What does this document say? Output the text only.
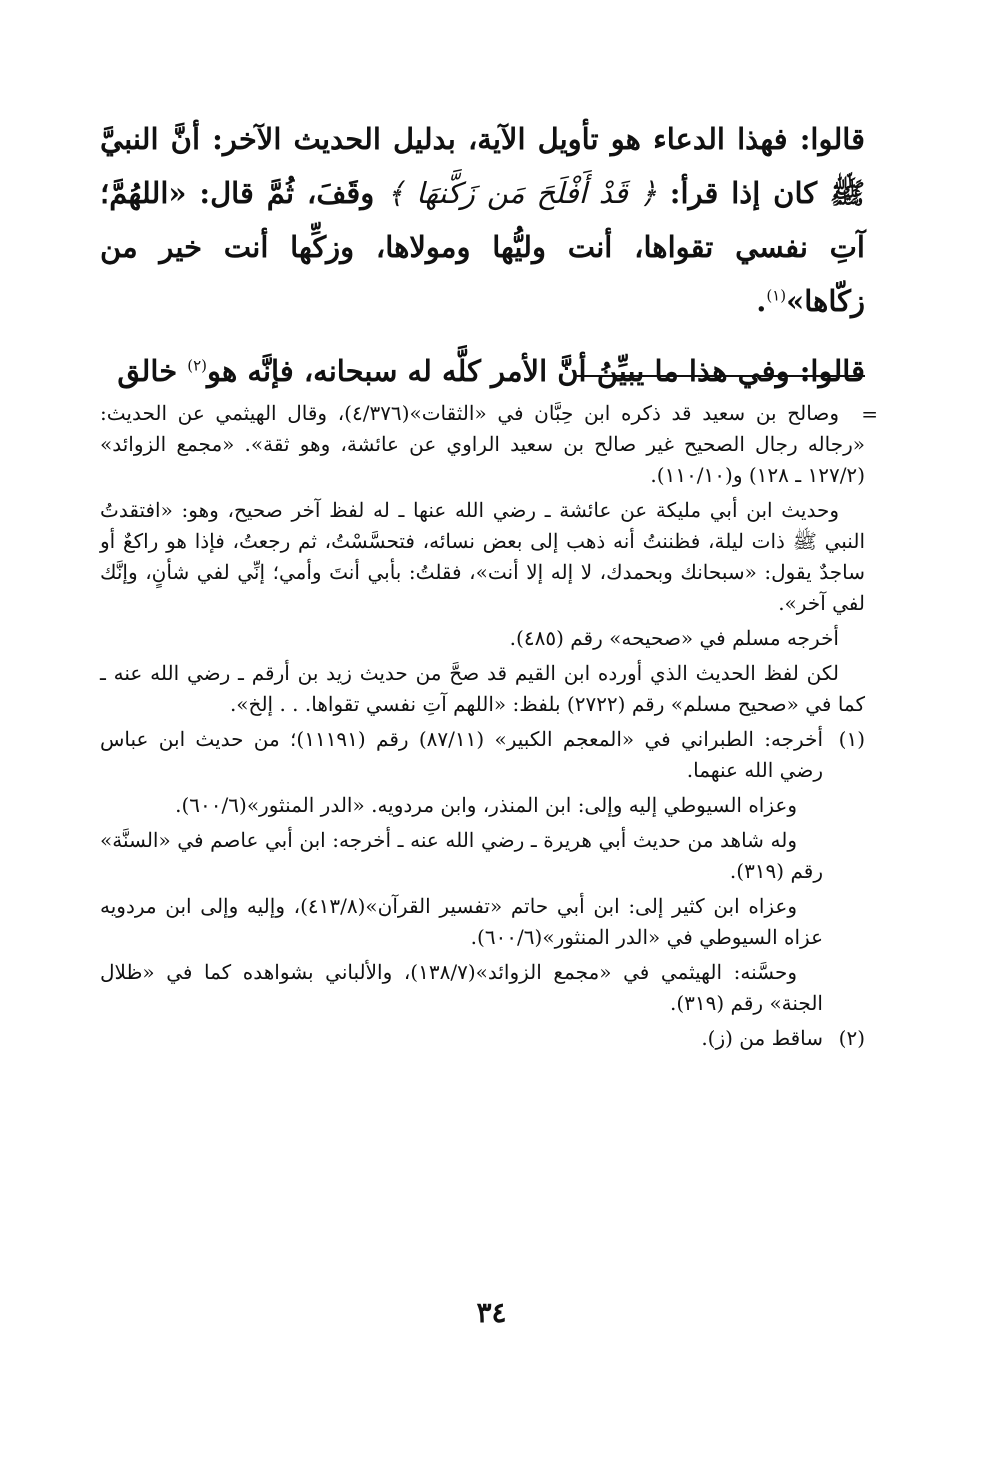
قالوا: فهذا الدعاء هو تأويل الآية، بدليل الحديث الآخر: أنَّ النبيَّ ﷺ كان إذا قرأ: ﴿ قَدْ أَفْلَحَ مَن زَكَّنهَا ﴾ وقَفَ، ثُمَّ قال: «اللهُمَّ؛ آتِ نفسي تقواها، أنت وليُّها ومولاها، وزكِّها أنت خير من زكّاها»$^{(١)}$.

قالوا: وفي هذا ما يبيِّنُ أنَّ الأمر كلَّه له سبحانه، فإنَّه هو$^{(٢)}$ خالق

=

وصالح بن سعيد قد ذكره ابن حِبَّان في «الثقات»(٤/٣٧٦)، وقال الهيثمي عن الحديث: «رجاله رجال الصحيح غير صالح بن سعيد الراوي عن عائشة، وهو ثقة». «مجمع الزوائد» (١٢٧/٢ ـ ١٢٨) و(١١٠/١٠).

وحديث ابن أبي مليكة عن عائشة ـ رضي الله عنها ـ له لفظ آخر صحيح، وهو: «افتقدتُ النبي ﷺ ذات ليلة، فظننتُ أنه ذهب إلى بعض نسائه، فتحسَّسْتُ، ثم رجعتُ، فإذا هو راكعٌ أو ساجدٌ يقول: «سبحانك وبحمدك، لا إله إلا أنت»، فقلتُ: بأبي أنتَ وأمي؛ إنِّي لفي شأنٍ، وإنَّك لفي آخر».

أخرجه مسلم في «صحيحه» رقم (٤٨٥).

لكن لفظ الحديث الذي أورده ابن القيم قد صحَّ من حديث زيد بن أرقم ـ رضي الله عنه ـ كما في «صحيح مسلم» رقم (٢٧٢٢) بلفظ: «اللهم آتِ نفسي تقواها. . . إلخ».

(١)

أخرجه: الطبراني في «المعجم الكبير» (٨٧/١١) رقم (١١١٩١)؛ من حديث ابن عباس رضي الله عنهما.

وعزاه السيوطي إليه وإلى: ابن المنذر، وابن مردويه. «الدر المنثور»(٦٠٠/٦).

وله شاهد من حديث أبي هريرة ـ رضي الله عنه ـ أخرجه: ابن أبي عاصم في «السنَّة» رقم (٣١٩).

وعزاه ابن كثير إلى: ابن أبي حاتم «تفسير القرآن»(٤١٣/٨)، وإليه وإلى ابن مردويه عزاه السيوطي في «الدر المنثور»(٦٠٠/٦).

وحسَّنه: الهيثمي في «مجمع الزوائد»(١٣٨/٧)، والألباني بشواهده كما في «ظلال الجنة» رقم (٣١٩).

(٢)

ساقط من (ز).

٣٤
